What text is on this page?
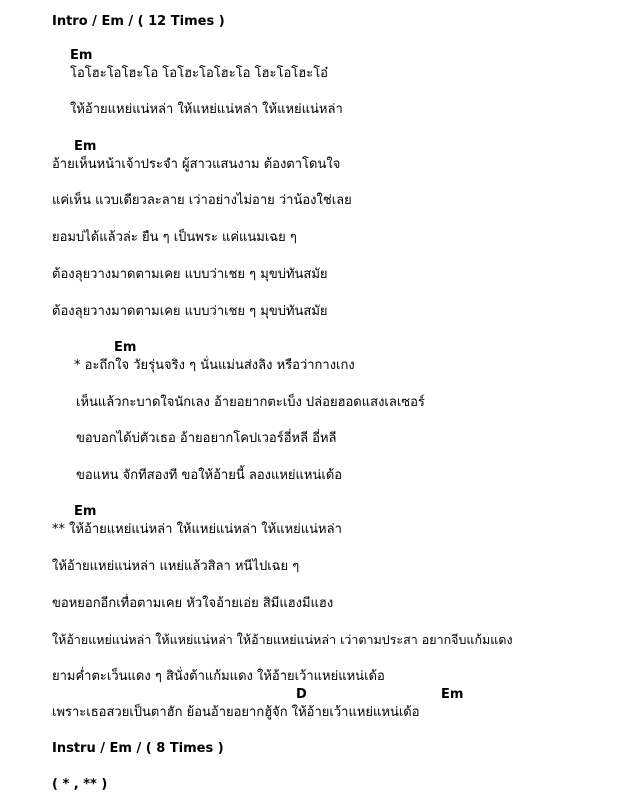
Intro / Em / ( 12 Times )
Em
โอโฮะโอโฮะโอ โอโฮะโอโฮะโอ โฮะโอโฮะโอ๋
ให้อ้ายแหย่แน่หล่า ให้แหย่แน่หล่า ให้แหย่แน่หล่า
Em
อ้ายเห็นหน้าเจ้าประจำ ผู้สาวแสนงาม ต้องตาโดนใจ
แค่เห็น แวบเดียวละลาย เว่าอย่างไม่อาย ว่าน้องใช่เลย
ยอมบ่ได้แล้วล่ะ ยืน ๆ เป็นพระ แค่แนมเฉย ๆ
ต้องลุยวางมาดตามเคย แบบว่าเชย ๆ มุขบ่ทันสมัย
ต้องลุยวางมาดตามเคย แบบว่าเชย ๆ มุขบ่ทันสมัย
Em
* อะถึกใจ วัยรุ่นจริง ๆ นั่นแม่นส่งลิง หรือว่ากางเกง
เห็นแล้วกะบาดใจนักเลง อ้ายอยากตะเบ็ง ปล่อยฮอดแสงเลเซอร์
ขอบอกได้บ่ตัวเธอ อ้ายอยากโคปเวอร์อี่หลี อี่หลี
ขอแหน จักทีสองที ขอให้อ้ายนี้ ลองแหย่แหน่เด้อ
Em
** ให้อ้ายแหย่แน่หล่า ให้แหย่แน่หล่า ให้แหย่แน่หล่า
ให้อ้ายแหย่แน่หล่า แหย่แล้วสิลา หนีไปเฉย ๆ
ขอหยอกอีกเทื่อตามเคย หัวใจอ้ายเอ่ย สิมีแฮงมีแฮง
ให้อ้ายแหย่แน่หล่า ให้แหย่แน่หล่า ให้อ้ายแหย่แน่หล่า เว่าตามประสา อยากจีบแก้มแดง
ยามค่ำตะเว็นแดง ๆ สินั่งต้าแก้มแดง ให้อ้ายเว้าแหย่แหน่เด้อ
D	Em
เพราะเธอสวยเป็นตาฮัก ย้อนอ้ายอยากฮู้จัก ให้อ้ายเว้าแหย่แหน่เด้อ
Instru / Em / ( 8 Times )
( * , ** )
